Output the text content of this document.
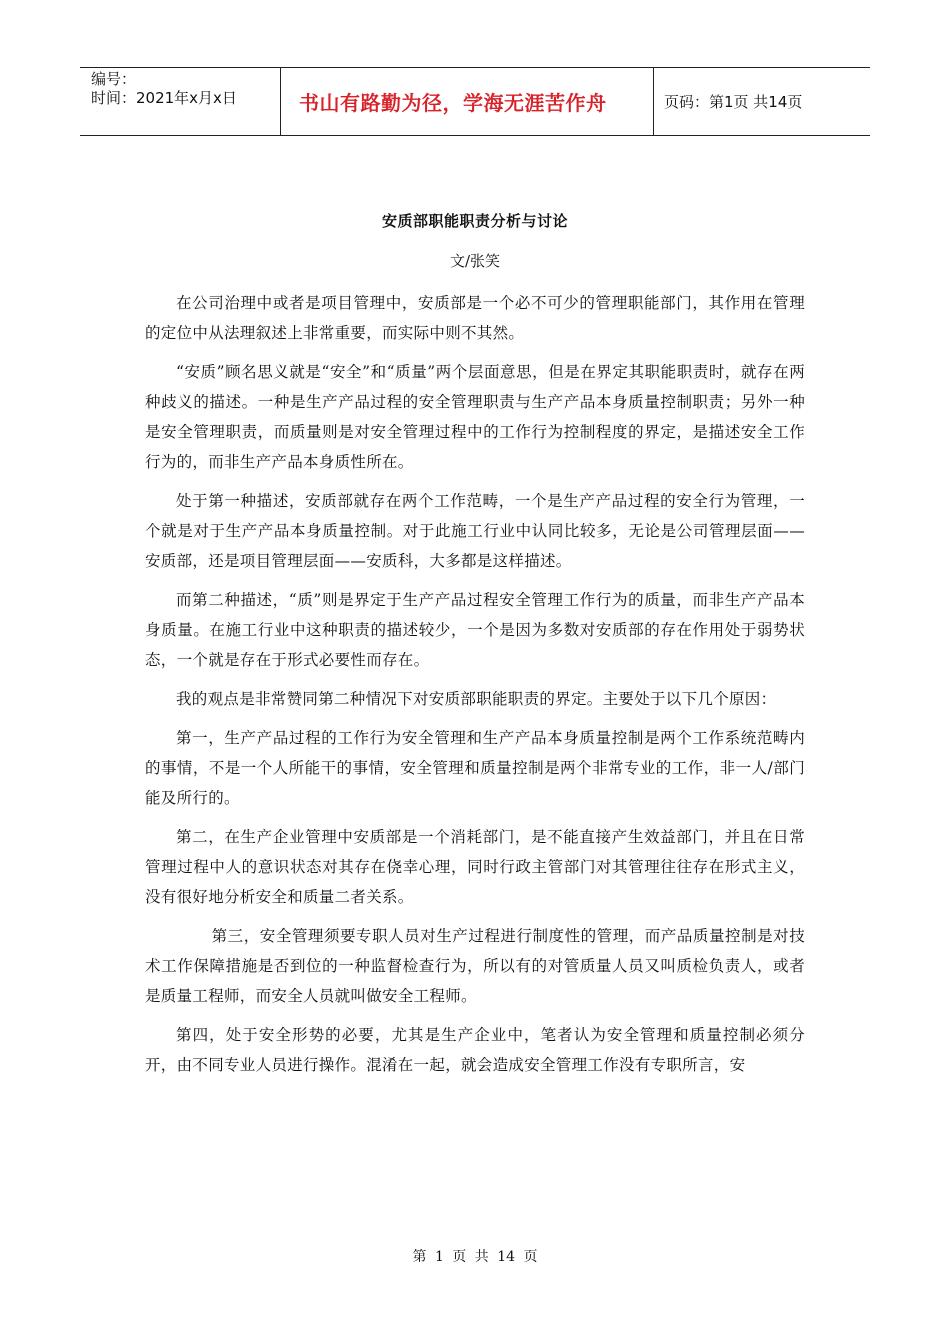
编号：
时间：2021年x月x日	书山有路勤为径，学海无涯苦作舟	页码：第1页 共14页
安质部职能职责分析与讨论
文/张笑

在公司治理中或者是项目管理中，安质部是一个必不可少的管理职能部门，其作用在管理的定位中从法理叙述上非常重要，而实际中则不其然。

“安质”顾名思义就是“安全”和“质量”两个层面意思，但是在界定其职能职责时，就存在两种歧义的描述。一种是生产产品过程的安全管理职责与生产产品本身质量控制职责；另外一种是安全管理职责，而质量则是对安全管理过程中的工作行为控制程度的界定，是描述安全工作行为的，而非生产产品本身质性所在。

处于第一种描述，安质部就存在两个工作范畴，一个是生产产品过程的安全行为管理，一个就是对于生产产品本身质量控制。对于此施工行业中认同比较多，无论是公司管理层面——安质部，还是项目管理层面——安质科，大多都是这样描述。

而第二种描述，“质”则是界定于生产产品过程安全管理工作行为的质量，而非生产产品本身质量。在施工行业中这种职责的描述较少，一个是因为多数对安质部的存在作用处于弱势状态，一个就是存在于形式必要性而存在。

我的观点是非常赞同第二种情况下对安质部职能职责的界定。主要处于以下几个原因：

第一，生产产品过程的工作行为安全管理和生产产品本身质量控制是两个工作系统范畴内的事情，不是一个人所能干的事情，安全管理和质量控制是两个非常专业的工作，非一人/部门能及所行的。

第二，在生产企业管理中安质部是一个消耗部门，是不能直接产生效益部门，并且在日常管理过程中人的意识状态对其存在侥幸心理，同时行政主管部门对其管理往往存在形式主义，没有很好地分析安全和质量二者关系。

第三，安全管理须要专职人员对生产过程进行制度性的管理，而产品质量控制是对技术工作保障措施是否到位的一种监督检查行为，所以有的对管质量人员又叫质检负责人，或者是质量工程师，而安全人员就叫做安全工程师。

第四，处于安全形势的必要，尤其是生产企业中，笔者认为安全管理和质量控制必须分开，由不同专业人员进行操作。混淆在一起，就会造成安全管理工作没有专职所言，安

第 1 页 共 14 页
